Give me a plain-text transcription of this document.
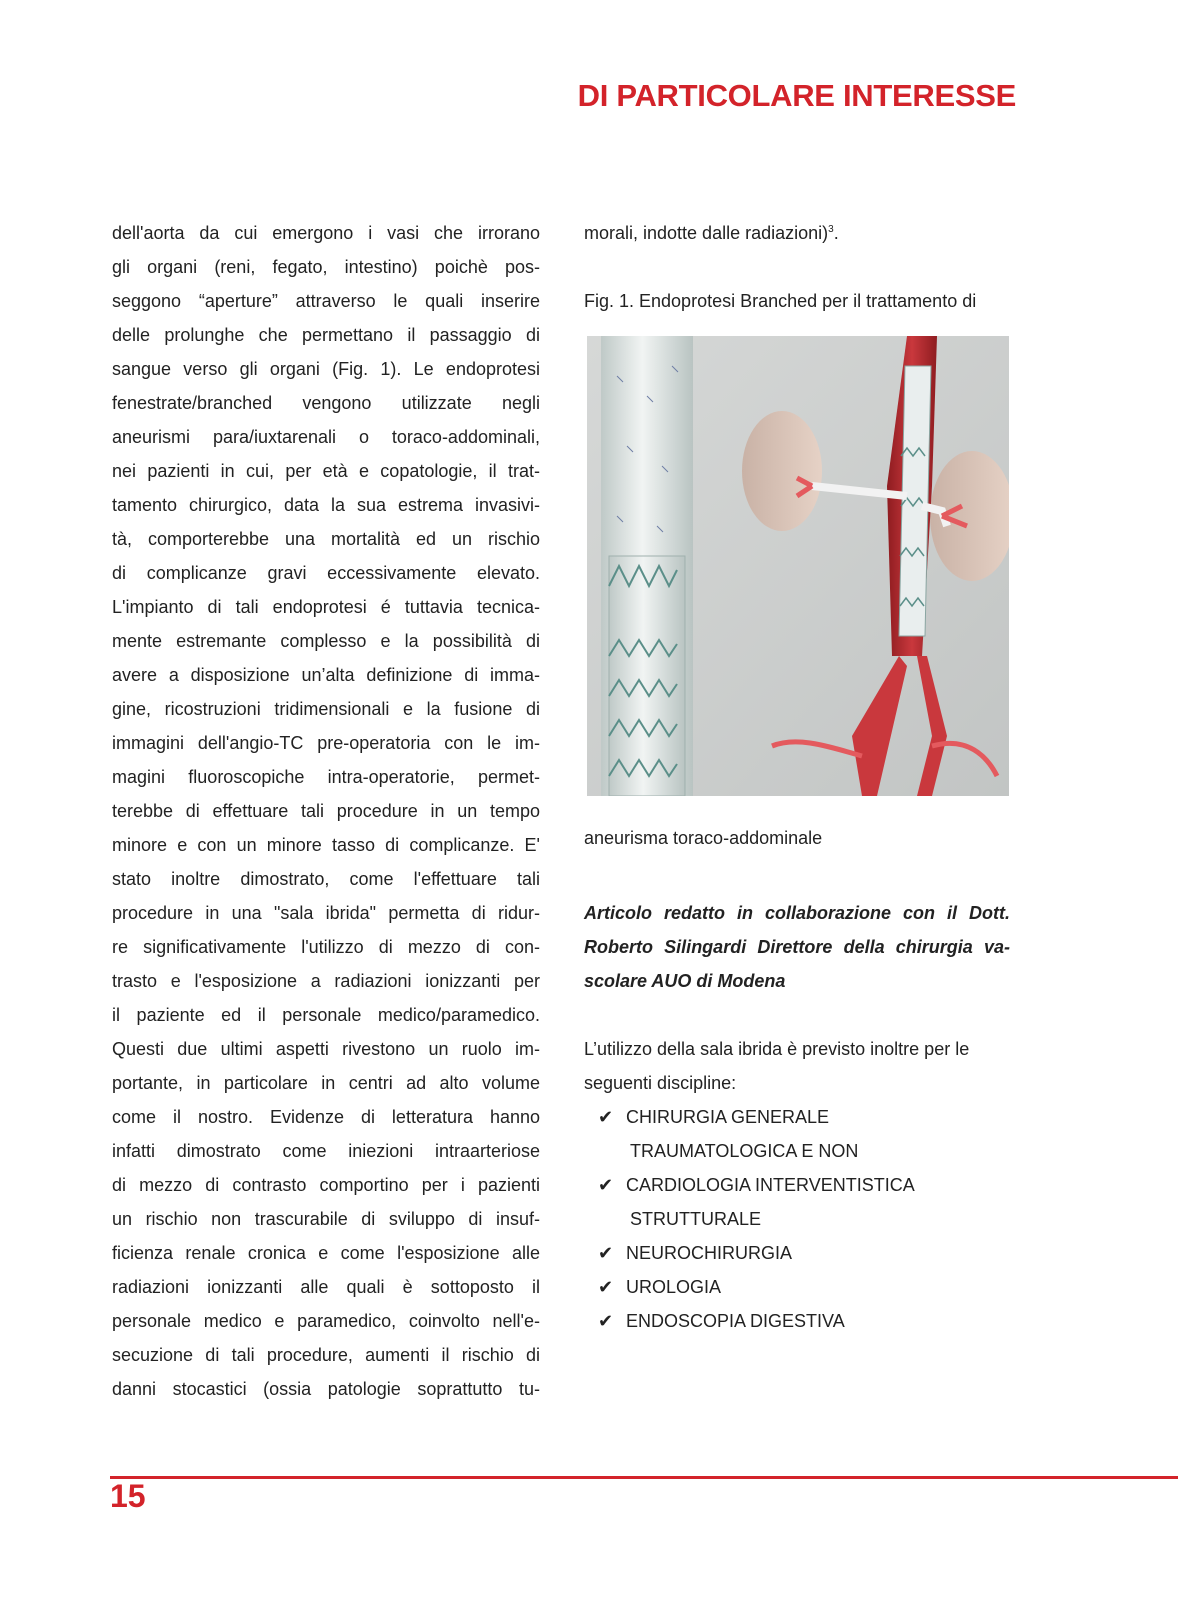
DI PARTICOLARE INTERESSE
dell'aorta da cui emergono i vasi che irrorano
gli organi (reni, fegato, intestino) poichè pos-
seggono “aperture” attraverso le quali inserire
delle prolunghe che permettano il passaggio di
sangue verso gli organi (Fig. 1). Le endoprotesi
fenestrate/branched vengono utilizzate negli
aneurismi para/iuxtarenali o toraco-addominali,
nei pazienti in cui, per età e copatologie, il trat-
tamento chirurgico, data la sua estrema invasivi-
tà, comporterebbe una mortalità ed un rischio
di complicanze gravi eccessivamente elevato.
L'impianto di tali endoprotesi é tuttavia tecnica-
mente estremante complesso e la possibilità di
avere a disposizione un’alta definizione di imma-
gine, ricostruzioni tridimensionali e la fusione di
immagini dell'angio-TC pre-operatoria con le im-
magini fluoroscopiche intra-operatorie, permet-
terebbe di effettuare tali procedure in un tempo
minore e con un minore tasso di complicanze. E'
stato inoltre dimostrato, come l'effettuare tali
procedure in una "sala ibrida" permetta di ridur-
re significativamente l'utilizzo di mezzo di con-
trasto e l'esposizione a radiazioni ionizzanti per
il paziente ed il personale medico/paramedico.
Questi due ultimi aspetti rivestono un ruolo im-
portante, in particolare in centri ad alto volume
come il nostro. Evidenze di letteratura hanno
infatti dimostrato come iniezioni intraarteriose
di mezzo di contrasto comportino per i pazienti
un rischio non trascurabile di sviluppo di insuf-
ficienza renale cronica e come l'esposizione alle
radiazioni ionizzanti alle quali è sottoposto il
personale medico e paramedico, coinvolto nell'e-
secuzione di tali procedure, aumenti il rischio di
danni stocastici (ossia patologie soprattutto tu-
morali, indotte dalle radiazioni)$^3$.
Fig. 1. Endoprotesi Branched per il trattamento di
aneurisma toraco-addominale
Articolo redatto in collaborazione con il Dott.
Roberto Silingardi Direttore della chirurgia va-
scolare AUO di Modena
L’utilizzo della sala ibrida è previsto inoltre per le
seguenti discipline:
✔ CHIRURGIA GENERALE
TRAUMATOLOGICA E NON
✔ CARDIOLOGIA INTERVENTISTICA
STRUTTURALE
✔ NEUROCHIRURGIA
✔ UROLOGIA
✔ ENDOSCOPIA DIGESTIVA
15
